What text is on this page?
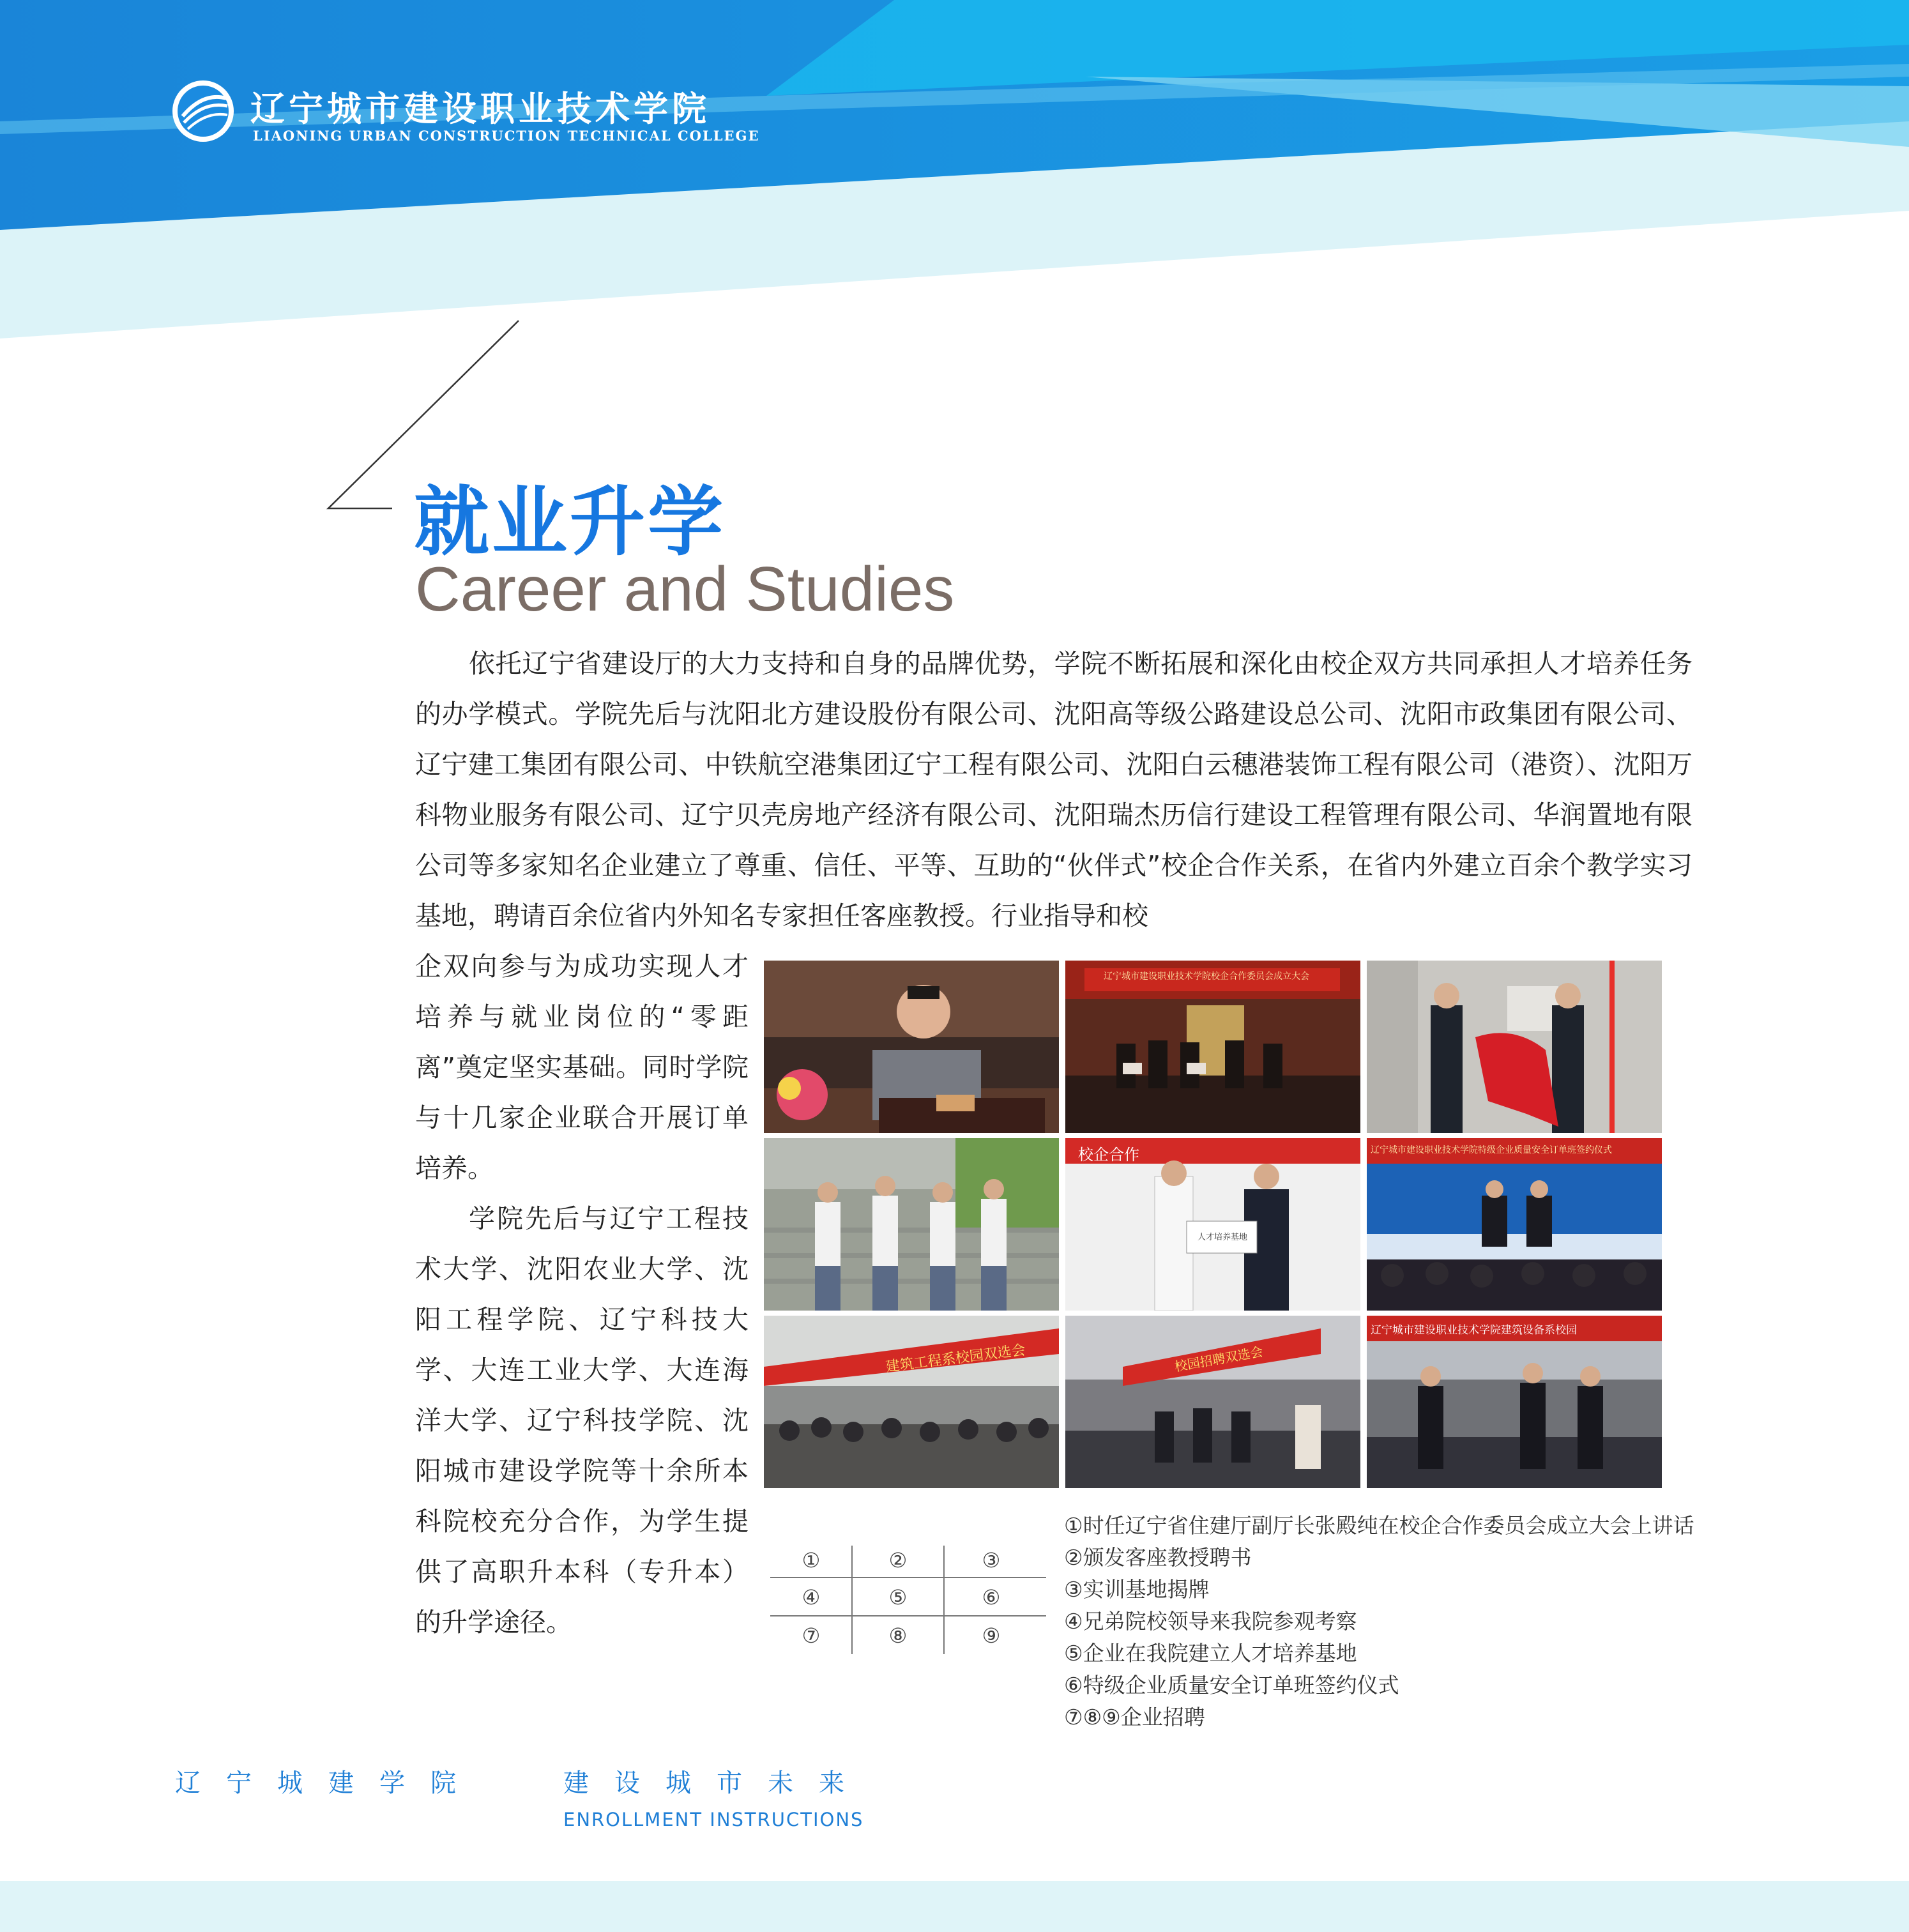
辽宁城市建设职业技术学院
LIAONING URBAN CONSTRUCTION TECHNICAL COLLEGE
就业升学
Career and Studies
依托辽宁省建设厅的大力支持和自身的品牌优势，学院不断拓展和深化由校企双方共同承担人才培养任务的办学模式。学院先后与沈阳北方建设股份有限公司、沈阳高等级公路建设总公司、沈阳市政集团有限公司、辽宁建工集团有限公司、中铁航空港集团辽宁工程有限公司、沈阳白云穗港装饰工程有限公司（港资）、沈阳万科物业服务有限公司、辽宁贝壳房地产经济有限公司、沈阳瑞杰历信行建设工程管理有限公司、华润置地有限公司等多家知名企业建立了尊重、信任、平等、互助的“伙伴式”校企合作关系，在省内外建立百余个教学实习基地，聘请百余位省内外知名专家担任客座教授。行业指导和校

企双向参与为成功实现人才培养与就业岗位的“零距离”奠定坚实基础。同时学院与十几家企业联合开展订单培养。

学院先后与辽宁工程技术大学、沈阳农业大学、沈阳工程学院、辽宁科技大学、大连工业大学、大连海洋大学、辽宁科技学院、沈阳城市建设学院等十余所本科院校充分合作，为学生提供了高职升本科（专升本）的升学途径。

辽宁城市建设职业技术学院校企合作委员会成立大会
校企合作
人才培养基地
辽宁城市建设职业技术学院特级企业质量安全订单班签约仪式
建筑工程系校园双选会	校园招聘双选会
辽宁城市建设职业技术学院建筑设备系校园
①	②	③
④	⑤	⑥
⑦	⑧	⑨
①时任辽宁省住建厅副厅长张殿纯在校企合作委员会成立大会上讲话
②颁发客座教授聘书
③实训基地揭牌
④兄弟院校领导来我院参观考察
⑤企业在我院建立人才培养基地
⑥特级企业质量安全订单班签约仪式
⑦⑧⑨企业招聘
辽宁城建学院	建设城市未来
ENROLLMENT INSTRUCTIONS
